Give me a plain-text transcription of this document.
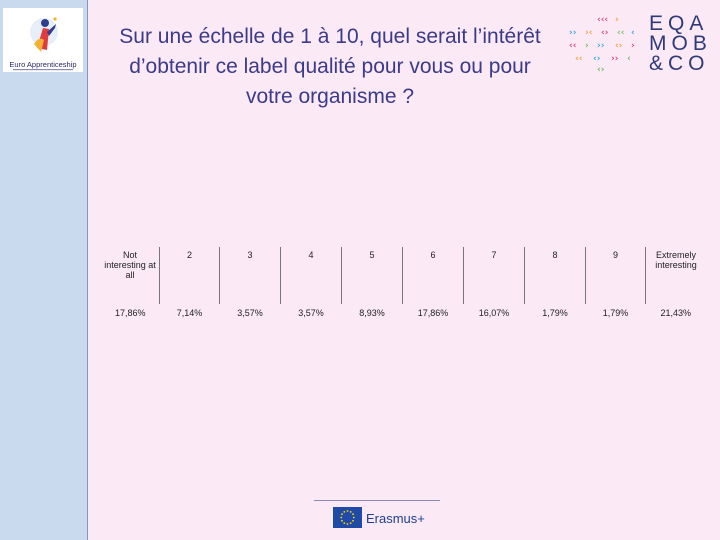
Euro Apprenticeship
Sur une échelle de 1 à 10, quel serait l’intérêt d’obtenir ce label qualité pour vous ou pour votre organisme ?
‹‹‹ ›
›› ›‹ ‹› ‹‹ ‹
‹‹ › ›› ‹› ›
‹‹ ‹› ›› ‹
‹›
EQA
MOB
&CO
Not interesting at all	2	3	4	5	6	7	8	9	Extremely interesting
17,86%	7,14%	3,57%	3,57%	8,93%	17,86%	16,07%	1,79%	1,79%	21,43%
Erasmus+
